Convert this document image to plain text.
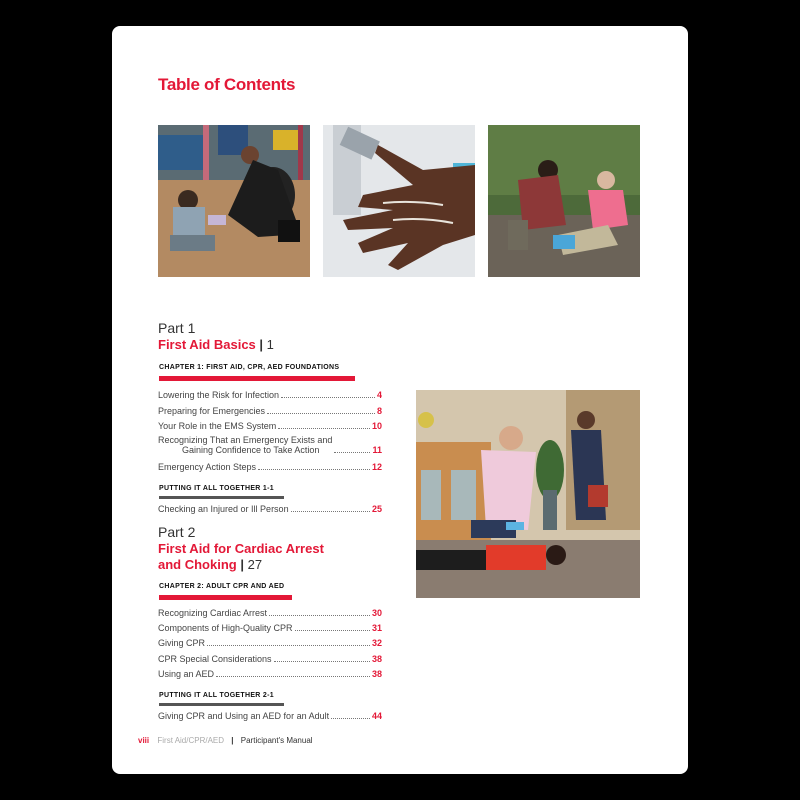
Table of Contents
Part 1
First Aid Basics | 1
CHAPTER 1: FIRST AID, CPR, AED FOUNDATIONS
Lowering the Risk for Infection	4
Preparing for Emergencies	8
Your Role in the EMS System	10
Recognizing That an Emergency Exists and
Gaining Confidence to Take Action	11
Emergency Action Steps	12
PUTTING IT ALL TOGETHER 1-1
Checking an Injured or Ill Person	25
Part 2
First Aid for Cardiac Arrest
and Choking | 27
CHAPTER 2: ADULT CPR AND AED
Recognizing Cardiac Arrest	30
Components of High-Quality CPR	31
Giving CPR	32
CPR Special Considerations	38
Using an AED	38
PUTTING IT ALL TOGETHER 2-1
Giving CPR and Using an AED for an Adult	44
viii First Aid/CPR/AED | Participant's Manual
